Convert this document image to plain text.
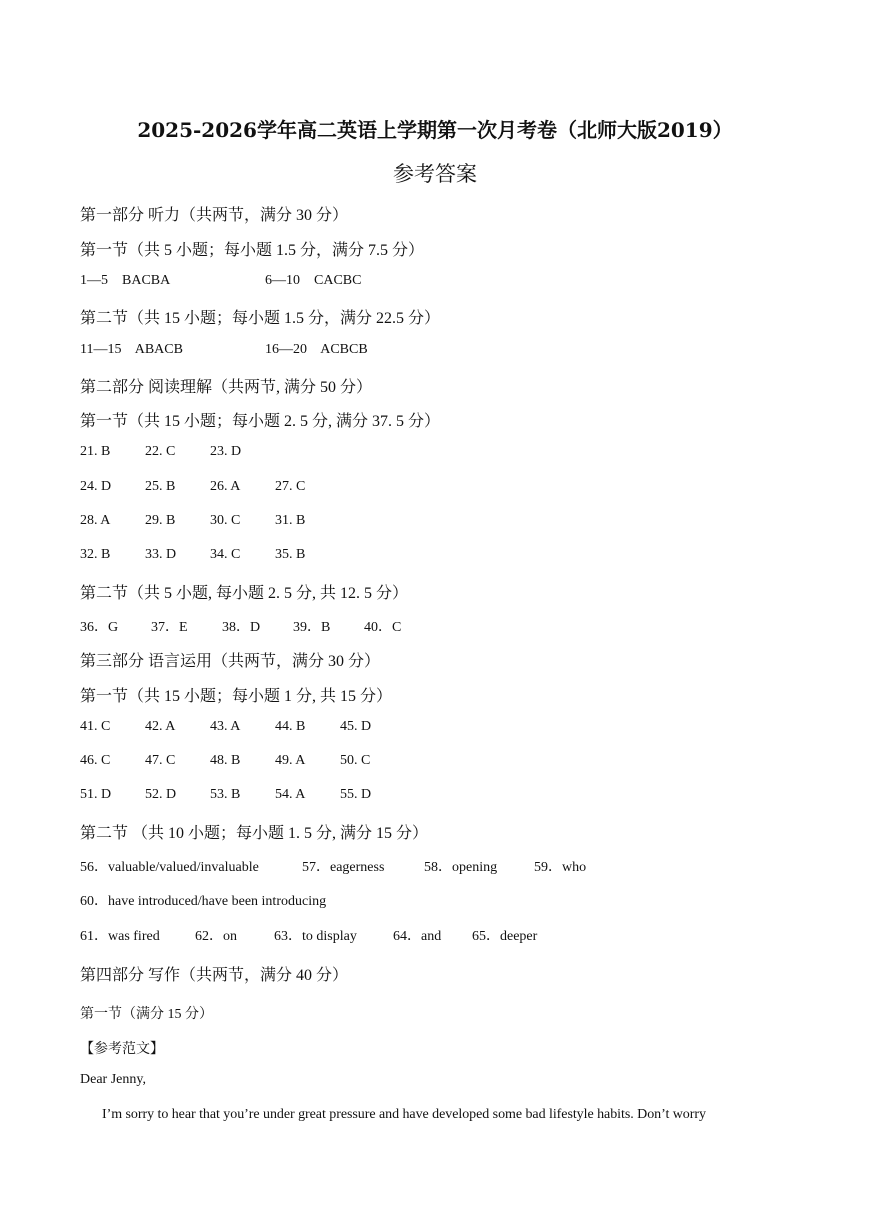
2025-2026学年高二英语上学期第一次月考卷（北师大版2019）
参考答案
第一部分 听力（共两节，满分 30 分）
第一节（共 5 小题；每小题 1.5 分，满分 7.5 分）
1—5    BACBA	6—10    CACBC
第二节（共 15 小题；每小题 1.5 分，满分 22.5 分）
11—15    ABACB	16—20    ACBCB
第二部分 阅读理解（共两节, 满分 50 分）
第一节（共 15 小题；每小题 2. 5 分, 满分 37. 5 分）
21. B 22. C 23. D
24. D 25. B 26. A 27. C
28. A 29. B 30. C 31. B
32. B 33. D 34. C 35. B
第二节（共 5 小题, 每小题 2. 5 分, 共 12. 5 分）
36．G 37．E 38．D 39．B 40．C
第三部分 语言运用（共两节，满分 30 分）
第一节（共 15 小题；每小题 1 分, 共 15 分）
41. C 42. A 43. A 44. B 45. D
46. C 47. C 48. B 49. A 50. C
51. D 52. D 53. B 54. A 55. D
第二节 （共 10 小题；每小题 1. 5 分, 满分 15 分）
56．valuable/valued/invaluable	57．eagerness	58．opening	59．who
60．have introduced/have been introducing
61．was fired	62．on	63．to display	64．and 65．deeper
第四部分 写作（共两节，满分 40 分）
第一节（满分 15 分）
【参考范文】
Dear Jenny,
I’m sorry to hear that you’re under great pressure and have developed some bad lifestyle habits. Don’t worry
